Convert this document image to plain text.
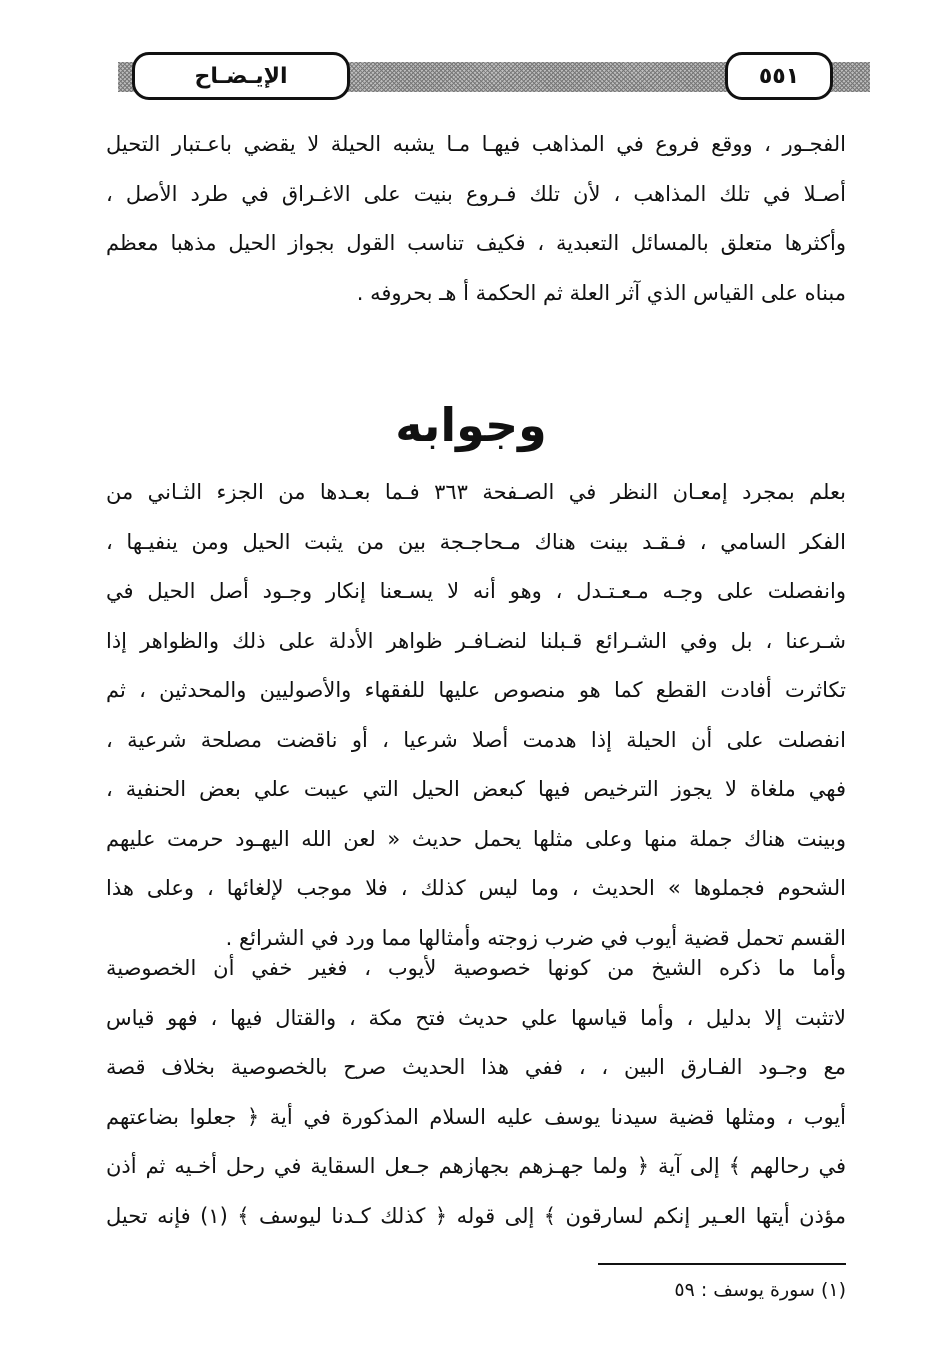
الإيـضـاح	٥٥١
الفجـور ، ووقع فروع في المذاهب فيهـا مـا يشبه الحيلة لا يقضي باعـتبار التحيل
أصـلا في تلك المذاهب ، لأن تلك فـروع بنيت على الاغـراق في طرد الأصل ،
وأكثرها متعلق بالمسائل التعبدية ، فكيف تناسب القول بجواز الحيل مذهبا معظم
مبناه على القياس الذي آثر العلة ثم الحكمة أ هـ بحروفه .
وجوابه
بعلم بمجرد إمعـان النظر في الصـفحة ٣٦٣ فـما بعـدها من الجزء الثـاني من
الفكر السامي ، فـقـد بينت هناك مـحاجـجة بين من يثبت الحيل ومن ينفيـها ،
وانفصلت على وجـه مـعـتـدل ، وهو أنه لا يسـعنا إنكار وجـود أصل الحيل في
شـرعنا ، بل وفي الشـرائع قـبلنا لنضـافـر ظواهر الأدلة على ذلك والظواهر إذا
تكاثرت أفادت القطع كما هو منصوص عليها للفقهاء والأصوليين والمحدثين ، ثم
انفصلت على أن الحيلة إذا هدمت أصلا شرعيا ، أو ناقضت مصلحة شرعية ،
فهي ملغاة لا يجوز الترخيص فيها كبعض الحيل التي عيبت علي بعض الحنفية ،
وبينت هناك جملة منها وعلى مثلها يحمل حديث « لعن الله اليهـود حرمت عليهم
الشحوم فجملوها » الحديث ، وما ليس كذلك ، فلا موجب لإلغائها ، وعلى هذا
القسم تحمل قضية أيوب في ضرب زوجته وأمثالها مما ورد في الشرائع .
وأما ما ذكره الشيخ من كونها خصوصية لأيوب ، فغير خفي أن الخصوصية
لاتثبت إلا بدليل ، وأما قياسها علي حديث فتح مكة ، والقتال فيها ، فهو قياس
مع وجـود الفـارق البين ، ، ففي هذا الحديث صرح بالخصوصية بخلاف قصة
أيوب ، ومثلها قضية سيدنا يوسف عليه السلام المذكورة في أية ﴿ جعلوا بضاعتهم
في رحالهم ﴾ إلى آية ﴿ ولما جهـزهم بجهازهم جـعل السقاية في رحل أخـيه ثم أذن
مؤذن أيتها العـير إنكم لسارقون ﴾ إلى قوله ﴿ كذلك كـدنا ليوسف ﴾ (١) فإنه تحيل
(١) سورة يوسف : ٥٩
